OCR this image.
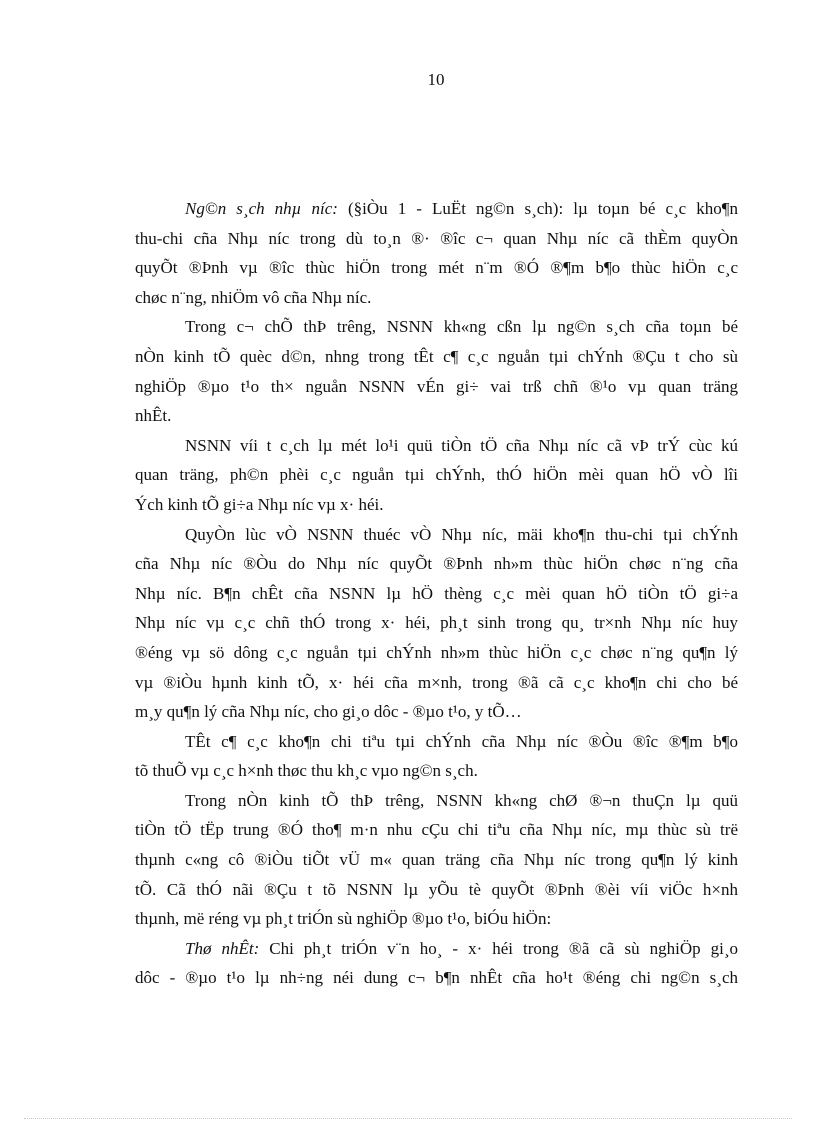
10
Ng©n s¸ch nhµ níc: (§iÒu 1 - LuËt ng©n s¸ch): lµ toµn bé c¸c kho¶n
thu-chi cña Nhµ níc trong dù to¸n ®· ®îc c¬ quan Nhµ níc cã thÈm quyÒn
quyÕt ®Þnh vµ ®îc thùc hiÖn trong mét n¨m ®Ó ®¶m b¶o thùc hiÖn c¸c
chøc n¨ng, nhiÖm vô cña Nhµ níc.
Trong c¬ chÕ thÞ trêng, NSNN kh«ng cßn lµ ng©n s¸ch cña toµn bé
nÒn kinh tÕ quèc d©n, nhng trong tÊt c¶ c¸c nguån tµi chÝnh ®Çu t cho sù
nghiÖp ®µo t¹o th× nguån NSNN vÉn gi÷ vai trß chñ ®¹o vµ quan träng
nhÊt.
NSNN víi t c¸ch lµ mét lo¹i quü tiÒn tÖ cña Nhµ níc cã vÞ trÝ cùc kú
quan träng, ph©n phèi c¸c nguån tµi chÝnh, thÓ hiÖn mèi quan hÖ vÒ lîi
Ých kinh tÕ gi÷a Nhµ níc vµ x· héi.
QuyÒn lùc vÒ NSNN thuéc vÒ Nhµ níc, mäi kho¶n thu-chi tµi chÝnh
cña Nhµ níc ®Òu do Nhµ níc quyÕt ®Þnh nh»m thùc hiÖn chøc n¨ng cña
Nhµ níc. B¶n chÊt cña NSNN lµ hÖ thèng c¸c mèi quan hÖ tiÒn tÖ gi÷a
Nhµ níc vµ c¸c chñ thÓ trong x· héi, ph¸t sinh trong qu¸ tr×nh Nhµ níc huy
®éng vµ sö dông c¸c nguån tµi chÝnh nh»m thùc hiÖn c¸c chøc n¨ng qu¶n lý
vµ ®iÒu hµnh kinh tÕ, x· héi cña m×nh, trong ®ã cã c¸c kho¶n chi cho bé
m¸y qu¶n lý cña Nhµ níc, cho gi¸o dôc - ®µo t¹o, y tÕ…
TÊt c¶ c¸c kho¶n chi tiªu tµi chÝnh cña Nhµ níc ®Òu ®îc ®¶m b¶o
tõ thuÕ vµ c¸c h×nh thøc thu kh¸c vµo ng©n s¸ch.
Trong nÒn kinh tÕ thÞ trêng, NSNN kh«ng chØ ®¬n thuÇn lµ quü
tiÒn tÖ tËp trung ®Ó tho¶ m·n nhu cÇu chi tiªu cña Nhµ níc, mµ thùc sù trë
thµnh c«ng cô ®iÒu tiÕt vÜ m« quan träng cña Nhµ níc trong qu¶n lý kinh
tÕ. Cã thÓ nãi ®Çu t tõ NSNN lµ yÕu tè quyÕt ®Þnh ®èi víi viÖc h×nh
thµnh, më réng vµ ph¸t triÓn sù nghiÖp ®µo t¹o, biÓu hiÖn:
Thø nhÊt: Chi ph¸t triÓn v¨n ho¸ - x· héi trong ®ã cã sù nghiÖp gi¸o
dôc - ®µo t¹o lµ nh÷ng néi dung c¬ b¶n nhÊt cña ho¹t ®éng chi ng©n s¸ch
